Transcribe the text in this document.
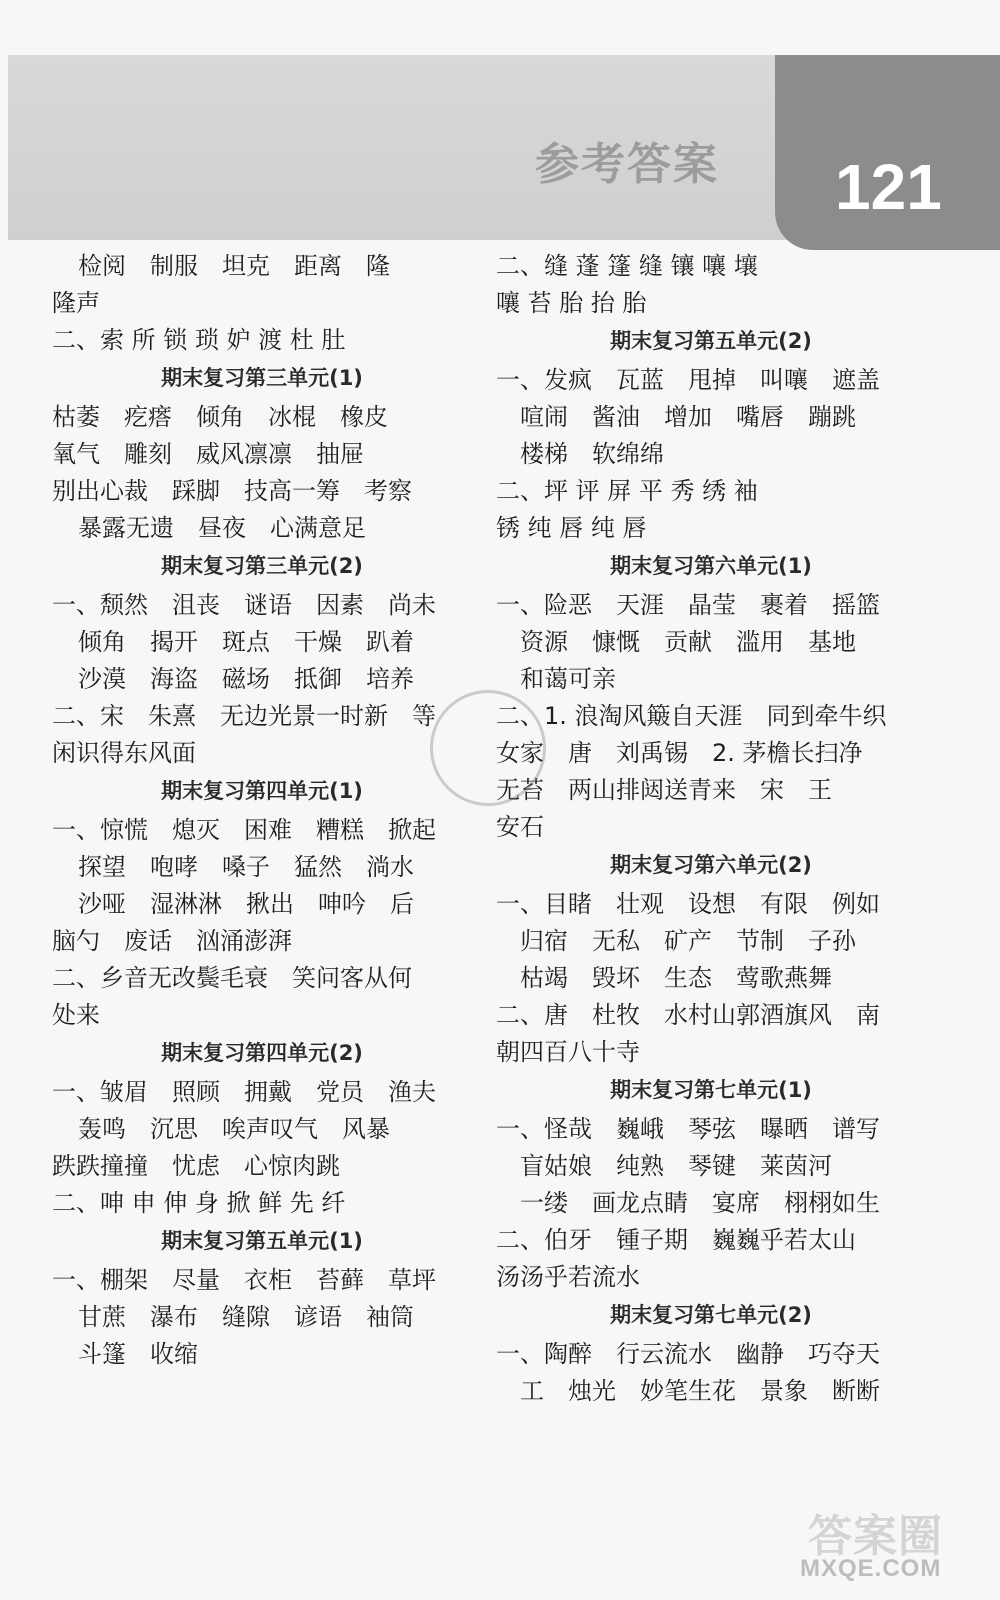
参考答案 121
检阅　制服　坦克　距离　隆
隆声
二、索 所 锁 琐 妒 渡 杜 肚
期末复习第三单元(1)
枯萎　疙瘩　倾角　冰棍　橡皮
氧气　雕刻　威风凛凛　抽屉
别出心裁　踩脚　技高一筹　考察
暴露无遗　昼夜　心满意足
期末复习第三单元(2)
一、颓然　沮丧　谜语　因素　尚未
倾角　揭开　斑点　干燥　趴着
沙漠　海盗　磁场　抵御　培养
二、宋　朱熹　无边光景一时新　等
闲识得东风面
期末复习第四单元(1)
一、惊慌　熄灭　困难　糟糕　掀起
探望　咆哮　嗓子　猛然　淌水
沙哑　湿淋淋　揪出　呻吟　后
脑勺　废话　汹涌澎湃
二、乡音无改鬓毛衰　笑问客从何
处来
期末复习第四单元(2)
一、皱眉　照顾　拥戴　党员　渔夫
轰鸣　沉思　唉声叹气　风暴
跌跌撞撞　忧虑　心惊肉跳
二、呻 申 伸 身 掀 鲜 先 纤
期末复习第五单元(1)
一、棚架　尽量　衣柜　苔藓　草坪
甘蔗　瀑布　缝隙　谚语　袖筒
斗篷　收缩
二、缝 蓬 篷 缝 镶 嚷 壤
嚷 苔 胎 抬 胎
期末复习第五单元(2)
一、发疯　瓦蓝　甩掉　叫嚷　遮盖
喧闹　酱油　增加　嘴唇　蹦跳
楼梯　软绵绵
二、坪 评 屏 平 秀 绣 袖
锈 纯 唇 纯 唇
期末复习第六单元(1)
一、险恶　天涯　晶莹　裹着　摇篮
资源　慷慨　贡献　滥用　基地
和蔼可亲
二、1. 浪淘风簸自天涯　同到牵牛织
女家　唐　刘禹锡　2. 茅檐长扫净
无苔　两山排闼送青来　宋　王
安石
期末复习第六单元(2)
一、目睹　壮观　设想　有限　例如
归宿　无私　矿产　节制　子孙
枯竭　毁坏　生态　莺歌燕舞
二、唐　杜牧　水村山郭酒旗风　南
朝四百八十寺
期末复习第七单元(1)
一、怪哉　巍峨　琴弦　曝晒　谱写
盲姑娘　纯熟　琴键　莱茵河
一缕　画龙点睛　宴席　栩栩如生
二、伯牙　锺子期　巍巍乎若太山
汤汤乎若流水
期末复习第七单元(2)
一、陶醉　行云流水　幽静　巧夺天
工　烛光　妙笔生花　景象　断断
答案圈
MXQE.COM
